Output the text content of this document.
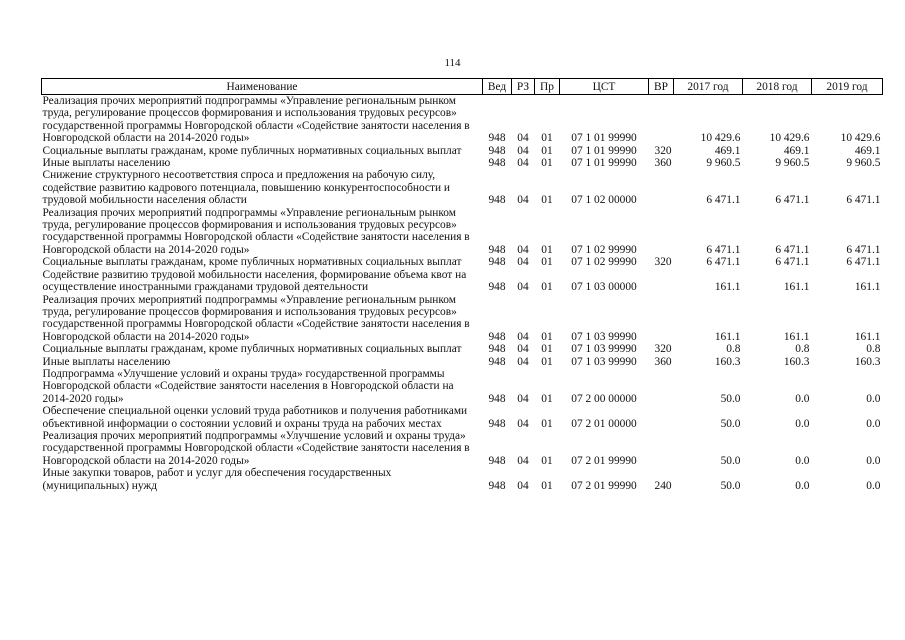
114
Наименование	Вед	РЗ	Пр	ЦСТ	ВР	2017 год	2018 год	2019 год
Реализация прочих мероприятий подпрограммы «Управление региональным рынком труда, регулирование процессов формирования и использования трудовых ресурсов» государственной программы Новгородской области «Содействие занятости населения в Новгородской области на 2014-2020 годы»	948	04	01	07 1 01 99990		10 429.6	10 429.6	10 429.6
Социальные выплаты гражданам, кроме публичных нормативных социальных выплат	948	04	01	07 1 01 99990	320	469.1	469.1	469.1
Иные выплаты населению	948	04	01	07 1 01 99990	360	9 960.5	9 960.5	9 960.5
Снижение структурного несоответствия спроса и предложения на рабочую силу, содействие развитию кадрового потенциала, повышению конкурентоспособности и трудовой мобильности населения области	948	04	01	07 1 02 00000		6 471.1	6 471.1	6 471.1
Реализация прочих мероприятий подпрограммы «Управление региональным рынком труда, регулирование процессов формирования и использования трудовых ресурсов» государственной программы Новгородской области «Содействие занятости населения в Новгородской области на 2014-2020 годы»	948	04	01	07 1 02 99990		6 471.1	6 471.1	6 471.1
Социальные выплаты гражданам, кроме публичных нормативных социальных выплат	948	04	01	07 1 02 99990	320	6 471.1	6 471.1	6 471.1
Содействие развитию трудовой мобильности населения, формирование объема квот на осуществление иностранными гражданами трудовой деятельности	948	04	01	07 1 03 00000		161.1	161.1	161.1
Реализация прочих мероприятий подпрограммы «Управление региональным рынком труда, регулирование процессов формирования и использования трудовых ресурсов» государственной программы Новгородской области «Содействие занятости населения в Новгородской области на 2014-2020 годы»	948	04	01	07 1 03 99990		161.1	161.1	161.1
Социальные выплаты гражданам, кроме публичных нормативных социальных выплат	948	04	01	07 1 03 99990	320	0.8	0.8	0.8
Иные выплаты населению	948	04	01	07 1 03 99990	360	160.3	160.3	160.3
Подпрограмма «Улучшение условий и охраны труда» государственной программы Новгородской области «Содействие занятости населения в Новгородской области на 2014-2020 годы»	948	04	01	07 2 00 00000		50.0	0.0	0.0
Обеспечение специальной оценки условий труда работников и получения работниками объективной информации о состоянии условий и охраны труда на рабочих местах	948	04	01	07 2 01 00000		50.0	0.0	0.0
Реализация прочих мероприятий подпрограммы «Улучшение условий и охраны труда» государственной программы Новгородской области «Содействие занятости населения в Новгородской области на 2014-2020 годы»	948	04	01	07 2 01 99990		50.0	0.0	0.0
Иные закупки товаров, работ и услуг для обеспечения государственных (муниципальных) нужд	948	04	01	07 2 01 99990	240	50.0	0.0	0.0
